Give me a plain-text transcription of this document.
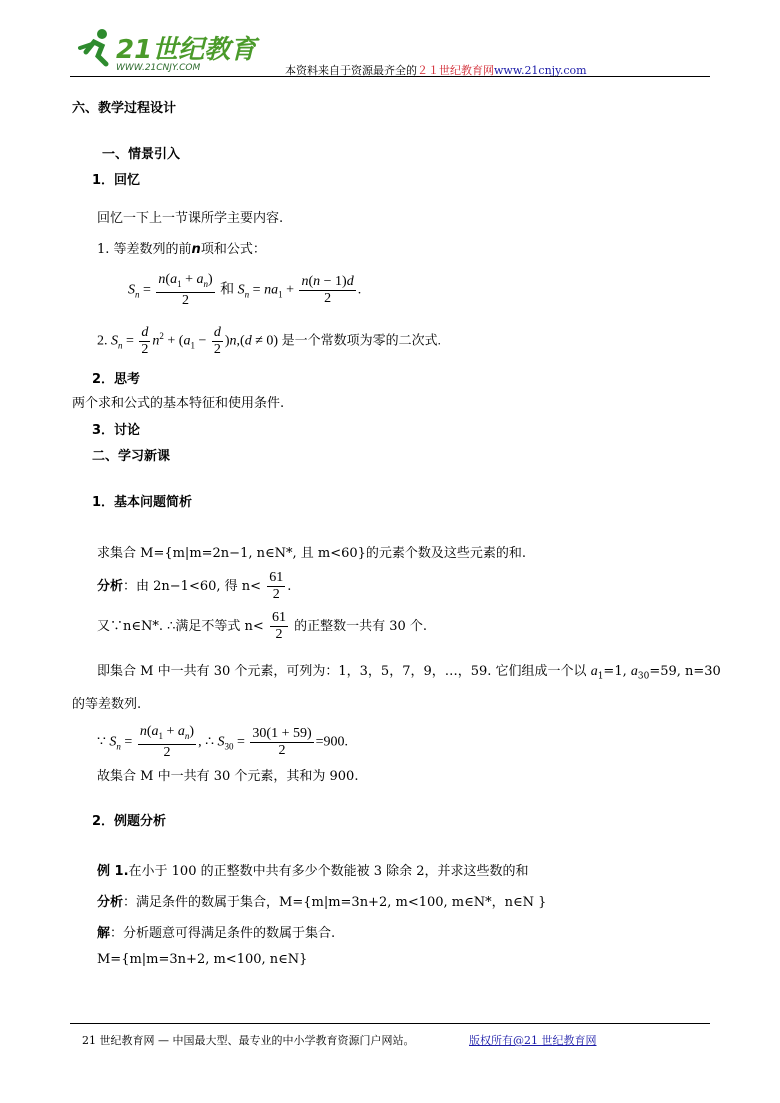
21世纪教育
WWW.21CNJY.COM	本资料来自于资源最齐全的２１世纪教育网www.21cnjy.com
六、教学过程设计
一、情景引入
1．回忆
回忆一下上一节课所学主要内容.
1. 等差数列的前n项和公式：
$S_n = \frac{n(a_1 + a_n)}{2}$ 和 $S_n = na_1 + \frac{n(n - 1)d}{2}$ .
2. $S_n = \frac{d}{2} n^2 + (a_1 - \frac{d}{2} )n,(d \ne 0)$ 是一个常数项为零的二次式.
2．思考
两个求和公式的基本特征和使用条件.
3．讨论
二、学习新课
1．基本问题简析
求集合 M={m|m=2n−1, n∈N*, 且 m<60}的元素个数及这些元素的和.
分析：由 2n−1<60, 得 $n< \frac{61}{2}$ .
又∵n∈N*. ∴满足不等式 $n< \frac{61}{2}$ 的正整数一共有 30 个.
即集合 M 中一共有 30 个元素，可列为：1，3，5，7，9，…，59. 它们组成一个以 $a_1=1$, $a_{30}=59$, n=30
的等差数列.
∵ $S_n = \frac{n(a_1 + a_n)}{2}$ , ∴ $S_{30} = \frac{30(1 + 59)}{2} =900$.
故集合 M 中一共有 30 个元素，其和为 900.
2．例题分析
例 1.在小于 100 的正整数中共有多少个数能被 3 除余 2，并求这些数的和
分析：满足条件的数属于集合，M={m|m=3n+2, m<100, m∈N*，n∈N }
解：分析题意可得满足条件的数属于集合.
M={m|m=3n+2, m<100, n∈N}
21 世纪教育网 — 中国最大型、最专业的中小学教育资源门户网站。	版权所有@21 世纪教育网
